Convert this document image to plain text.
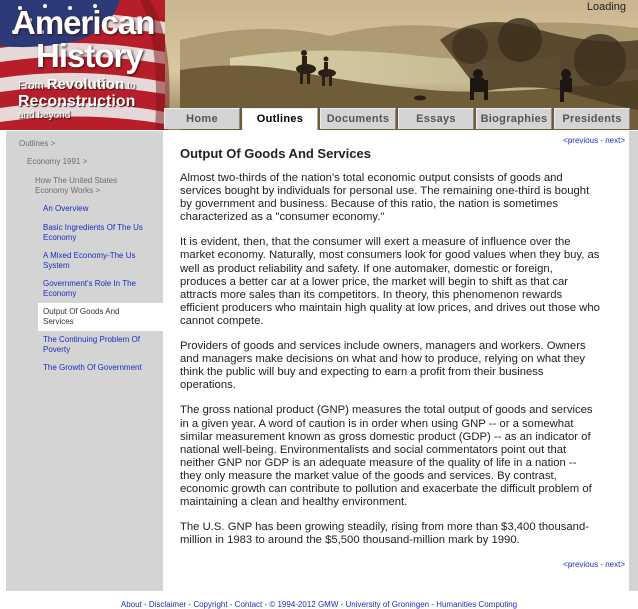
American
History
From Revolution to
Reconstruction
and beyond
Loading
Home	Outlines	Documents	Essays	Biographies	Presidents
Outlines >
Economy 1991 >
How The United States
Economy Works >
An Overview
Basic Ingredients Of The Us
Economy
A Mixed Economy-The Us
System
Government's Role In The
Economy
Output Of Goods And
Services
The Continuing Problem Of
Poverty
The Growth Of Government
<previous - next>
Output Of Goods And Services

Almost two-thirds of the nation's total economic output consists of goods and services bought by individuals for personal use. The remaining one-third is bought by government and business. Because of this ratio, the nation is sometimes characterized as a "consumer economy."

It is evident, then, that the consumer will exert a measure of influence over the market economy. Naturally, most consumers look for good values when they buy, as well as product reliability and safety. If one automaker, domestic or foreign, produces a better car at a lower price, the market will begin to shift as that car attracts more sales than its competitors. In theory, this phenomenon rewards efficient producers who maintain high quality at low prices, and drives out those who cannot compete.

Providers of goods and services include owners, managers and workers. Owners and managers make decisions on what and how to produce, relying on what they think the public will buy and expecting to earn a profit from their business operations.

The gross national product (GNP) measures the total output of goods and services in a given year. A word of caution is in order when using GNP -- or a somewhat similar measurement known as gross domestic product (GDP) -- as an indicator of national well-being. Environmentalists and social commentators point out that neither GNP nor GDP is an adequate measure of the quality of life in a nation -- they only measure the market value of the goods and services. By contrast, economic growth can contribute to pollution and exacerbate the difficult problem of maintaining a clean and healthy environment.

The U.S. GNP has been growing steadily, rising from more than $3,400 thousand-million in 1983 to around the $5,500 thousand-million mark by 1990.

<previous - next>
About - Disclaimer - Copyright - Contact - © 1994-2012 GMW - University of Groningen - Humanities Computing
